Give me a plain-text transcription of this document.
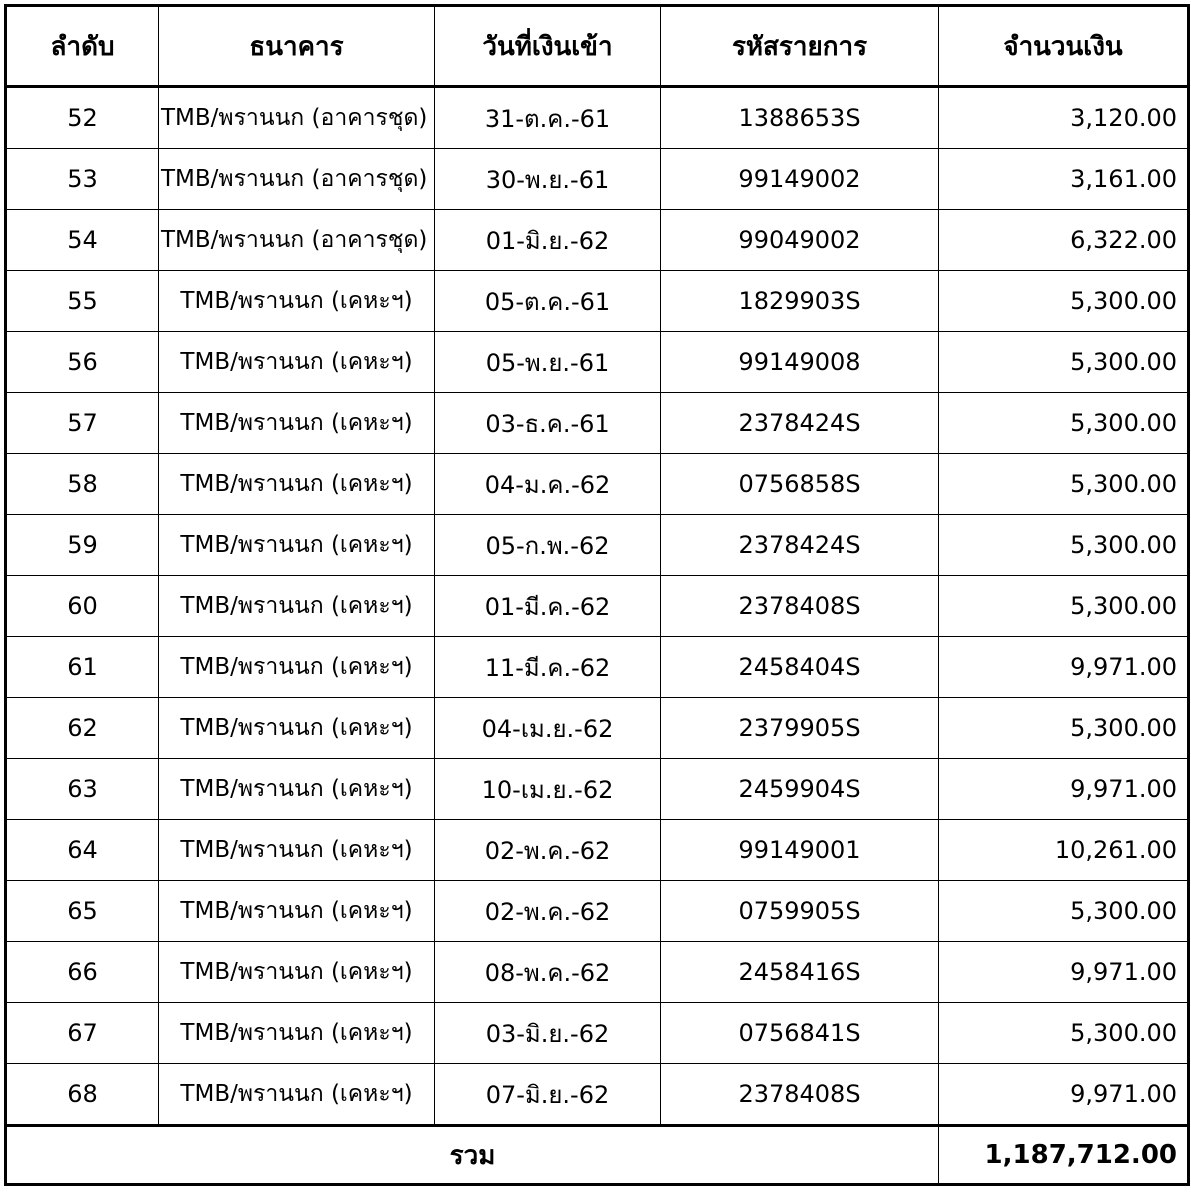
ลำดับ	ธนาคาร	วันที่เงินเข้า	รหัสรายการ	จำนวนเงิน
52	TMB/พรานนก (อาคารชุด)	31-ต.ค.-61	1388653S	3,120.00
53	TMB/พรานนก (อาคารชุด)	30-พ.ย.-61	99149002	3,161.00
54	TMB/พรานนก (อาคารชุด)	01-มิ.ย.-62	99049002	6,322.00
55	TMB/พรานนก (เคหะฯ)	05-ต.ค.-61	1829903S	5,300.00
56	TMB/พรานนก (เคหะฯ)	05-พ.ย.-61	99149008	5,300.00
57	TMB/พรานนก (เคหะฯ)	03-ธ.ค.-61	2378424S	5,300.00
58	TMB/พรานนก (เคหะฯ)	04-ม.ค.-62	0756858S	5,300.00
59	TMB/พรานนก (เคหะฯ)	05-ก.พ.-62	2378424S	5,300.00
60	TMB/พรานนก (เคหะฯ)	01-มี.ค.-62	2378408S	5,300.00
61	TMB/พรานนก (เคหะฯ)	11-มี.ค.-62	2458404S	9,971.00
62	TMB/พรานนก (เคหะฯ)	04-เม.ย.-62	2379905S	5,300.00
63	TMB/พรานนก (เคหะฯ)	10-เม.ย.-62	2459904S	9,971.00
64	TMB/พรานนก (เคหะฯ)	02-พ.ค.-62	99149001	10,261.00
65	TMB/พรานนก (เคหะฯ)	02-พ.ค.-62	0759905S	5,300.00
66	TMB/พรานนก (เคหะฯ)	08-พ.ค.-62	2458416S	9,971.00
67	TMB/พรานนก (เคหะฯ)	03-มิ.ย.-62	0756841S	5,300.00
68	TMB/พรานนก (เคหะฯ)	07-มิ.ย.-62	2378408S	9,971.00
รวม				1,187,712.00
